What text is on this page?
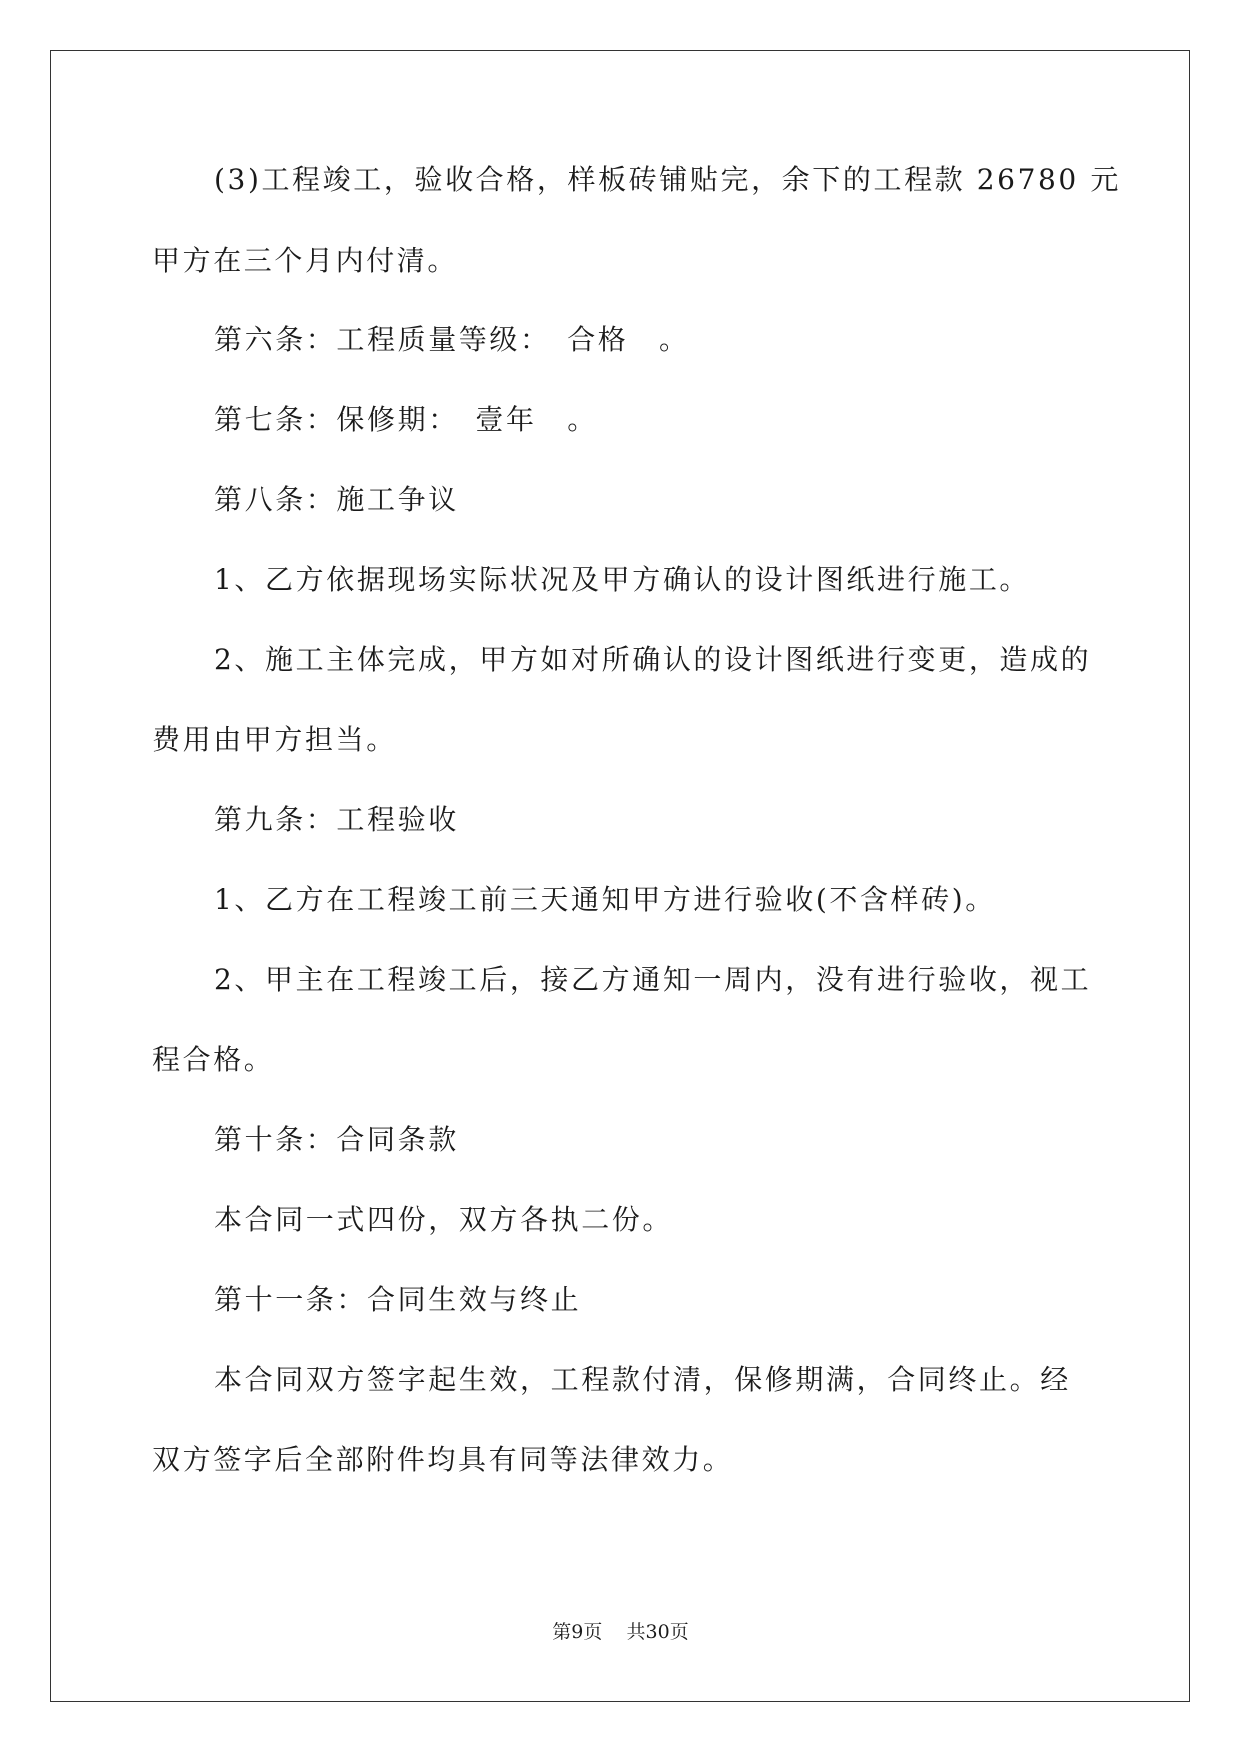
(3)工程竣工，验收合格，样板砖铺贴完，余下的工程款 26780 元
甲方在三个月内付清。
第六条：工程质量等级：　合格　。
第七条：保修期：　壹年　。
第八条：施工争议
1、乙方依据现场实际状况及甲方确认的设计图纸进行施工。
2、施工主体完成，甲方如对所确认的设计图纸进行变更，造成的
费用由甲方担当。
第九条：工程验收
1、乙方在工程竣工前三天通知甲方进行验收(不含样砖)。
2、甲主在工程竣工后，接乙方通知一周内，没有进行验收，视工
程合格。
第十条：合同条款
本合同一式四份，双方各执二份。
第十一条：合同生效与终止
本合同双方签字起生效，工程款付清，保修期满，合同终止。经
双方签字后全部附件均具有同等法律效力。
第9页 共30页
